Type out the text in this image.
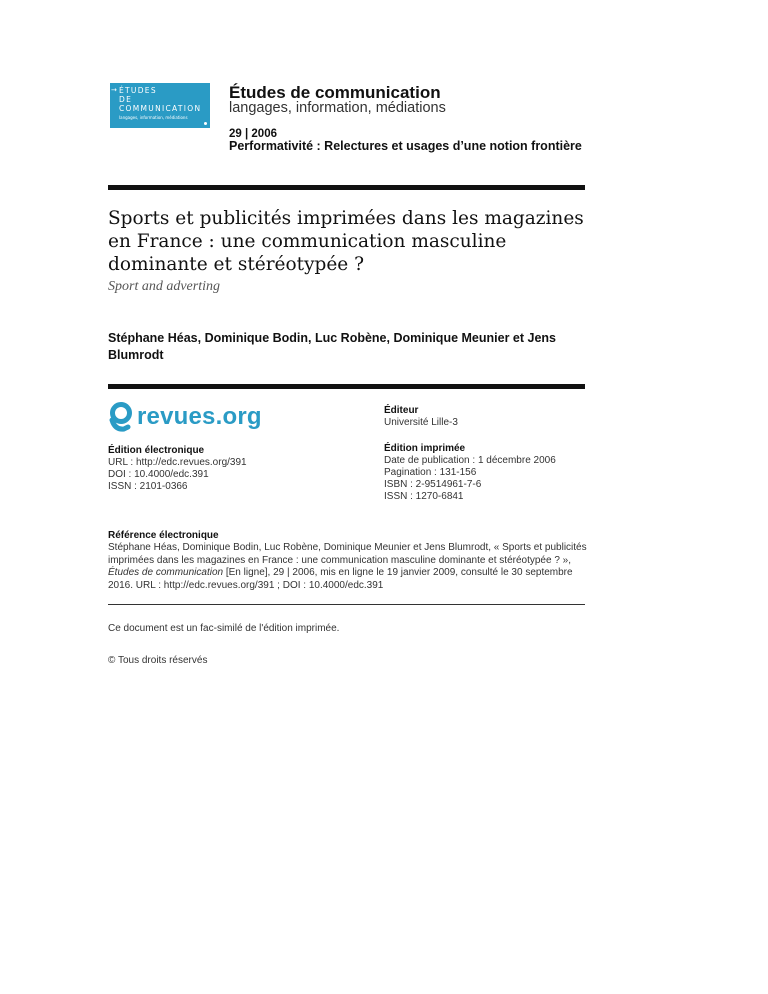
→ ÉTUDES
DE
COMMUNICATION
langages, information, médiations
Études de communication
langages, information, médiations
29 | 2006
Performativité : Relectures et usages d’une notion frontière
Sports et publicités imprimées dans les magazines en France : une communication masculine dominante et stéréotypée ?
Sport and adverting
Stéphane Héas, Dominique Bodin, Luc Robène, Dominique Meunier et Jens Blumrodt
revues.org	Éditeur
Université Lille-3
Édition électronique
URL : http://edc.revues.org/391
DOI : 10.4000/edc.391
ISSN : 2101-0366
Édition imprimée
Date de publication : 1 décembre 2006
Pagination : 131-156
ISBN : 2-9514961-7-6
ISSN : 1270-6841
Référence électronique
Stéphane Héas, Dominique Bodin, Luc Robène, Dominique Meunier et Jens Blumrodt, « Sports et publicités imprimées dans les magazines en France : une communication masculine dominante et stéréotypée ? », Études de communication [En ligne], 29 | 2006, mis en ligne le 19 janvier 2009, consulté le 30 septembre 2016. URL : http://edc.revues.org/391 ; DOI : 10.4000/edc.391
Ce document est un fac-similé de l'édition imprimée.
© Tous droits réservés
